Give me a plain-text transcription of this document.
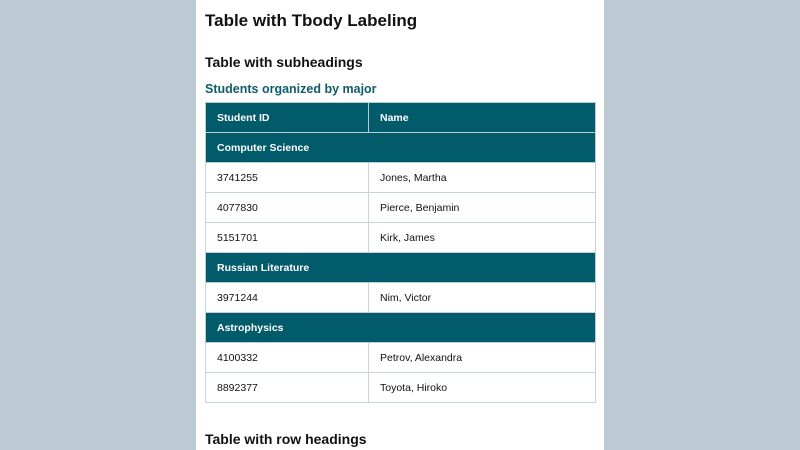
Table with Tbody Labeling
Table with subheadings
Students organized by major
Student ID	Name
Computer Science	
3741255	Jones, Martha
4077830	Pierce, Benjamin
5151701	Kirk, James
Russian Literature	
3971244	Nim, Victor
Astrophysics	
4100332	Petrov, Alexandra
8892377	Toyota, Hiroko
Table with row headings
